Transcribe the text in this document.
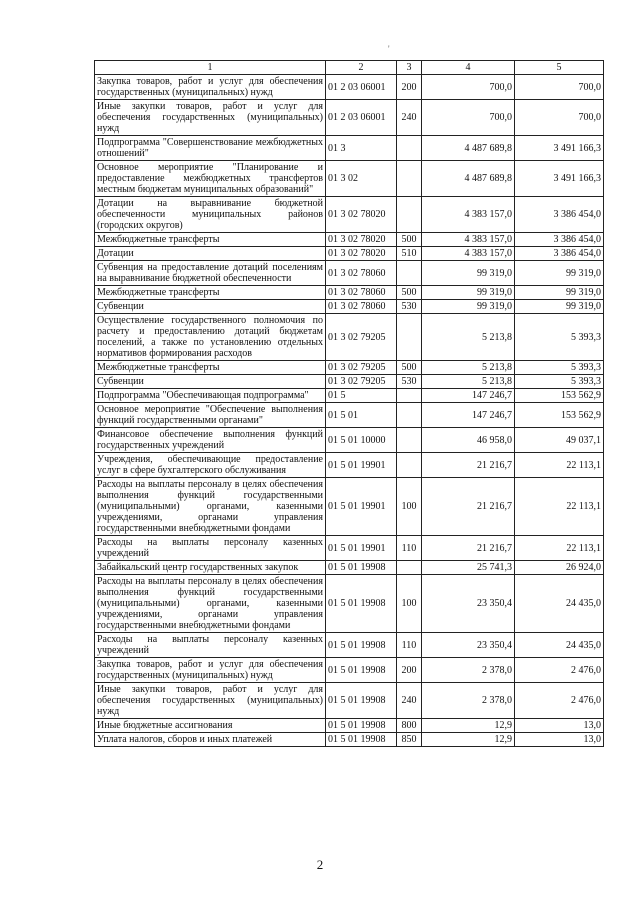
'
1	2	3	4	5
Закупка товаров, работ и услуг для обеспечения государственных (муниципальных) нужд	01 2 03 06001	200	700,0	700,0
Иные закупки товаров, работ и услуг для обеспечения государственных (муниципальных) нужд	01 2 03 06001	240	700,0	700,0
Подпрограмма "Совершенствование межбюджетных отношений"	01 3		4 487 689,8	3 491 166,3
Основное мероприятие "Планирование и предоставление межбюджетных трансфертов местным бюджетам муниципальных образований"	01 3 02		4 487 689,8	3 491 166,3
Дотации на выравнивание бюджетной обеспеченности муниципальных районов (городских округов)	01 3 02 78020		4 383 157,0	3 386 454,0
Межбюджетные трансферты	01 3 02 78020	500	4 383 157,0	3 386 454,0
Дотации	01 3 02 78020	510	4 383 157,0	3 386 454,0
Субвенция на предоставление дотаций поселениям на выравнивание бюджетной обеспеченности	01 3 02 78060		99 319,0	99 319,0
Межбюджетные трансферты	01 3 02 78060	500	99 319,0	99 319,0
Субвенции	01 3 02 78060	530	99 319,0	99 319,0
Осуществление государственного полномочия по расчету и предоставлению дотаций бюджетам поселений, а также по установлению отдельных нормативов формирования расходов	01 3 02 79205		5 213,8	5 393,3
Межбюджетные трансферты	01 3 02 79205	500	5 213,8	5 393,3
Субвенции	01 3 02 79205	530	5 213,8	5 393,3
Подпрограмма "Обеспечивающая подпрограмма"	01 5		147 246,7	153 562,9
Основное мероприятие "Обеспечение выполнения функций государственными органами"	01 5 01		147 246,7	153 562,9
Финансовое обеспечение выполнения функций государственных учреждений	01 5 01 10000		46 958,0	49 037,1
Учреждения, обеспечивающие предоставление услуг в сфере бухгалтерского обслуживания	01 5 01 19901		21 216,7	22 113,1
Расходы на выплаты персоналу в целях обеспечения выполнения функций государственными (муниципальными) органами, казенными учреждениями, органами управления государственными внебюджетными фондами	01 5 01 19901	100	21 216,7	22 113,1
Расходы на выплаты персоналу казенных учреждений	01 5 01 19901	110	21 216,7	22 113,1
Забайкальский центр государственных закупок	01 5 01 19908		25 741,3	26 924,0
Расходы на выплаты персоналу в целях обеспечения выполнения функций государственными (муниципальными) органами, казенными учреждениями, органами управления государственными внебюджетными фондами	01 5 01 19908	100	23 350,4	24 435,0
Расходы на выплаты персоналу казенных учреждений	01 5 01 19908	110	23 350,4	24 435,0
Закупка товаров, работ и услуг для обеспечения государственных (муниципальных) нужд	01 5 01 19908	200	2 378,0	2 476,0
Иные закупки товаров, работ и услуг для обеспечения государственных (муниципальных) нужд	01 5 01 19908	240	2 378,0	2 476,0
Иные бюджетные ассигнования	01 5 01 19908	800	12,9	13,0
Уплата налогов, сборов и иных платежей	01 5 01 19908	850	12,9	13,0
2
